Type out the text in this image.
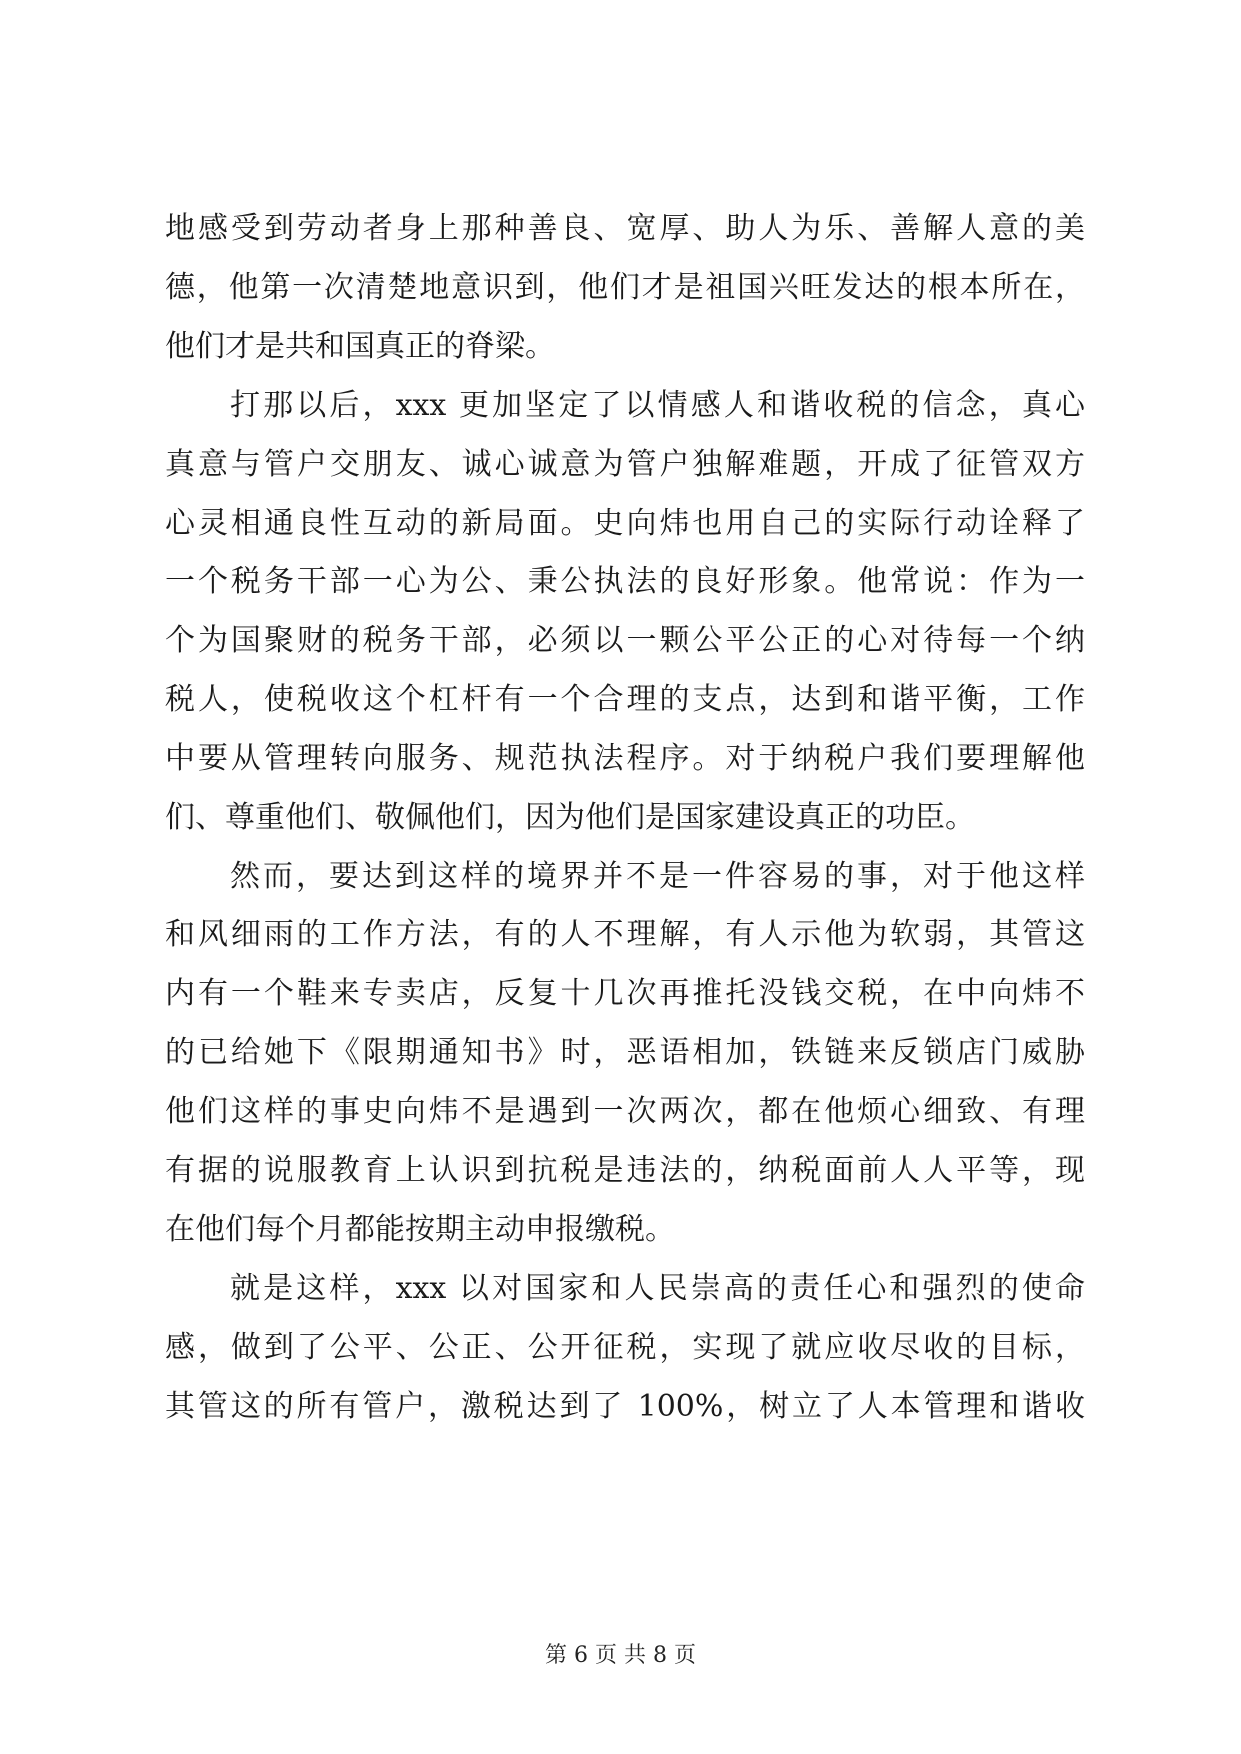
地感受到劳动者身上那种善良、宽厚、助人为乐、善解人意的美
德，他第一次清楚地意识到，他们才是祖国兴旺发达的根本所在，
他们才是共和国真正的脊梁。
打那以后，xxx 更加坚定了以情感人和谐收税的信念，真心
真意与管户交朋友、诚心诚意为管户独解难题，开成了征管双方
心灵相通良性互动的新局面。史向炜也用自己的实际行动诠释了
一个税务干部一心为公、秉公执法的良好形象。他常说：作为一
个为国聚财的税务干部，必须以一颗公平公正的心对待每一个纳
税人，使税收这个杠杆有一个合理的支点，达到和谐平衡，工作
中要从管理转向服务、规范执法程序。对于纳税户我们要理解他
们、尊重他们、敬佩他们，因为他们是国家建设真正的功臣。
然而，要达到这样的境界并不是一件容易的事，对于他这样
和风细雨的工作方法，有的人不理解，有人示他为软弱，其管这
内有一个鞋来专卖店，反复十几次再推托没钱交税，在中向炜不
的已给她下《限期通知书》时，恶语相加，铁链来反锁店门威胁
他们这样的事史向炜不是遇到一次两次，都在他烦心细致、有理
有据的说服教育上认识到抗税是违法的，纳税面前人人平等，现
在他们每个月都能按期主动申报缴税。
就是这样，xxx 以对国家和人民崇高的责任心和强烈的使命
感，做到了公平、公正、公开征税，实现了就应收尽收的目标，
其管这的所有管户，激税达到了 100%，树立了人本管理和谐收
第 6 页 共 8 页
